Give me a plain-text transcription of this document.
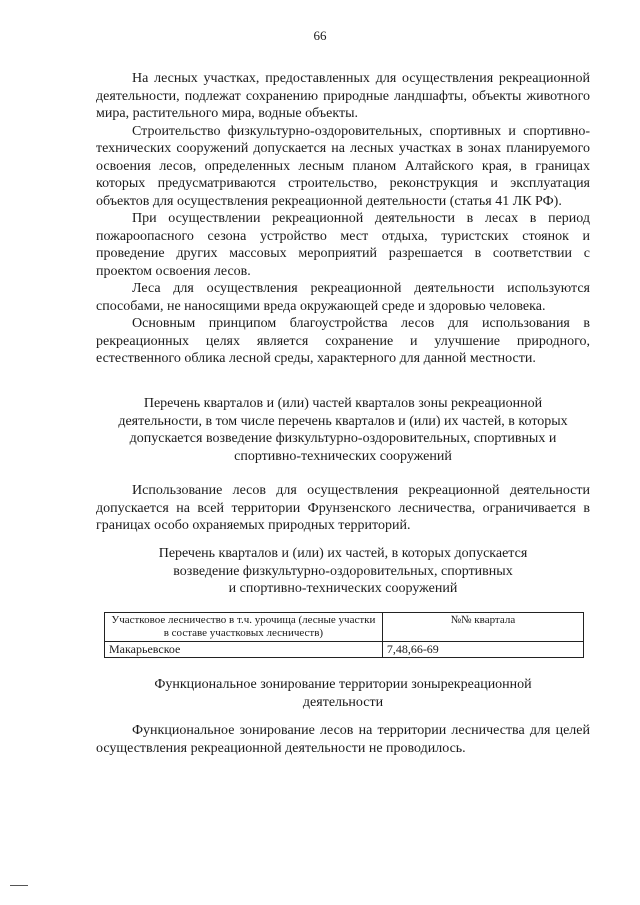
66

На лесных участках, предоставленных для осуществления рекреационной деятельности, подлежат сохранению природные ландшафты, объекты животного мира, растительного мира, водные объекты.

Строительство физкультурно-оздоровительных, спортивных и спортивно-технических сооружений допускается на лесных участках в зонах планируемого освоения лесов, определенных лесным планом Алтайского края, в границах которых предусматриваются строительство, реконструкция и эксплуатация объектов для осуществления рекреационной деятельности (статья 41 ЛК РФ).

При осуществлении рекреационной деятельности в лесах в период пожароопасного сезона устройство мест отдыха, туристских стоянок и проведение других массовых мероприятий разрешается в соответствии с проектом освоения лесов.

Леса для осуществления рекреационной деятельности используются способами, не наносящими вреда окружающей среде и здоровью человека.

Основным принципом благоустройства лесов для использования в рекреационных целях является сохранение и улучшение природного, естественного облика лесной среды, характерного для данной местности.

Перечень кварталов и (или) частей кварталов зоны рекреационной
деятельности, в том числе перечень кварталов и (или) их частей, в которых
допускается возведение физкультурно-оздоровительных, спортивных и
спортивно-технических сооружений

Использование лесов для осуществления рекреационной деятельности допускается на всей территории Фрунзенского лесничества, ограничивается в границах особо охраняемых природных территорий.

Перечень кварталов и (или) их частей, в которых допускается
возведение физкультурно-оздоровительных, спортивных
и спортивно-технических сооружений
Участковое лесничество в т.ч. урочища (лесные участки в составе участковых лесничеств)	№№ квартала
Макарьевское	7,48,66-69
Функциональное зонирование территории зонырекреационной
деятельности

Функциональное зонирование лесов на территории лесничества для целей осуществления рекреационной деятельности не проводилось.
